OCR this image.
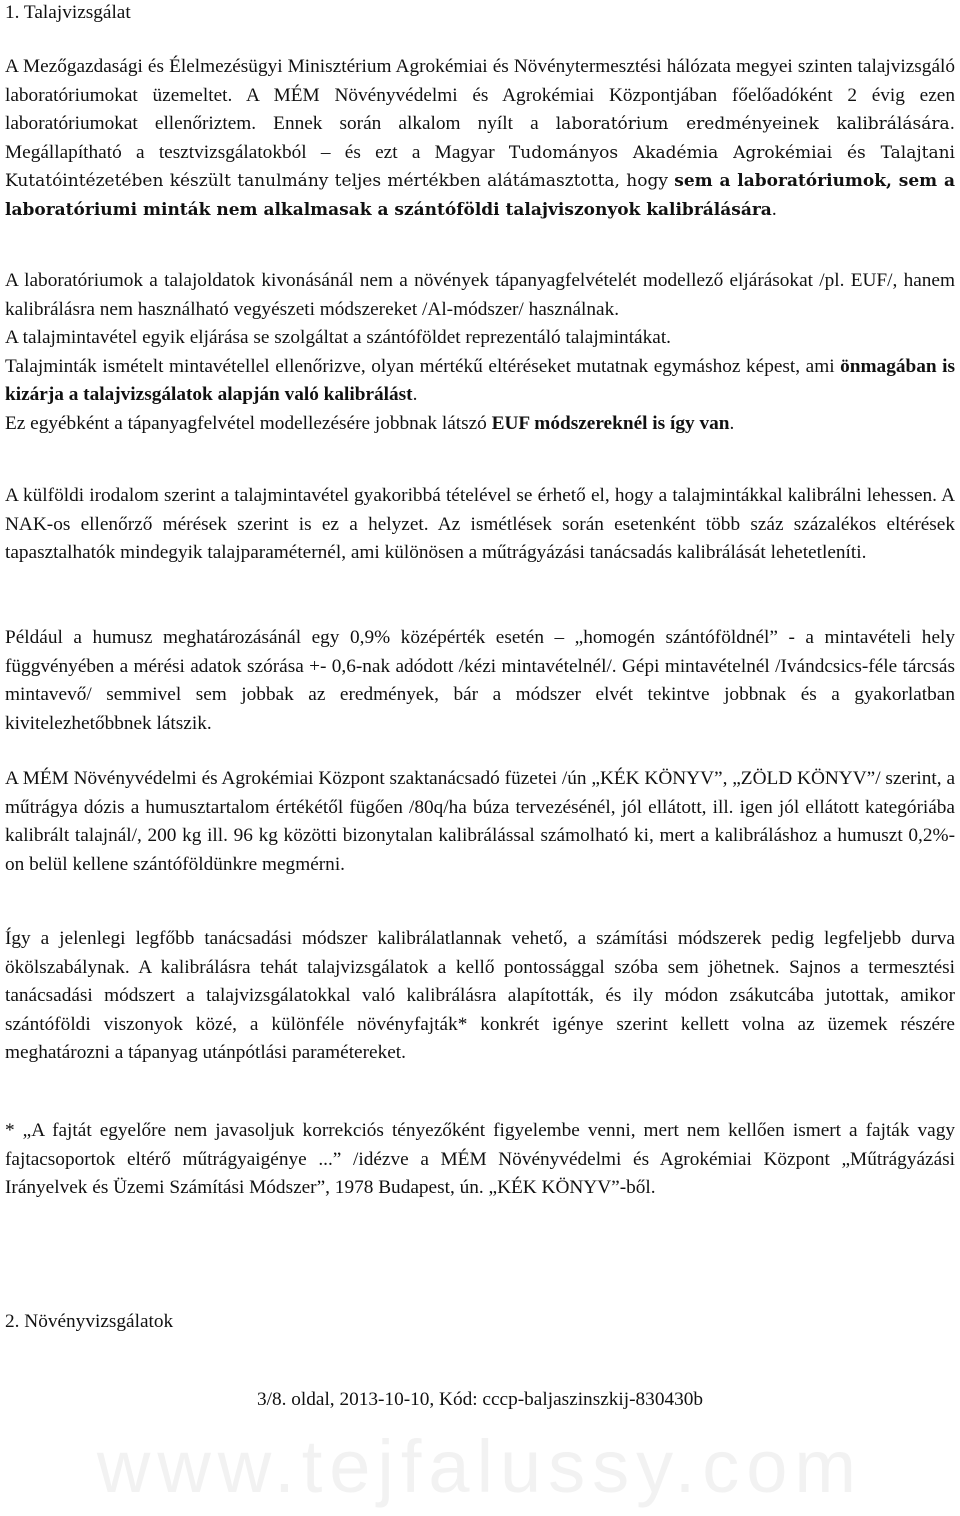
1. Talajvizsgálat

A Mezőgazdasági és Élelmezésügyi Minisztérium Agrokémiai és Növénytermesztési hálózata megyei szinten talajvizsgáló laboratóriumokat üzemeltet. A MÉM Növényvédelmi és Agrokémiai Központjában főelőadóként 2 évig ezen laboratóriumokat ellenőriztem. Ennek során alkalom nyílt a laboratórium eredményeinek kalibrálására. Megállapítható a tesztvizsgálatokból – és ezt a Magyar Tudományos Akadémia Agrokémiai és Talajtani Kutatóintézetében készült tanulmány teljes mértékben alátámasztotta, hogy sem a laboratóriumok, sem a laboratóriumi minták nem alkalmasak a szántóföldi talajviszonyok kalibrálására.

A laboratóriumok a talajoldatok kivonásánál nem a növények tápanyagfelvételét modellező eljárásokat /pl. EUF/, hanem kalibrálásra nem használható vegyészeti módszereket /Al-módszer/ használnak.

A talajmintavétel egyik eljárása se szolgáltat a szántóföldet reprezentáló talajmintákat.

Talajminták ismételt mintavétellel ellenőrizve, olyan mértékű eltéréseket mutatnak egymáshoz képest, ami önmagában is kizárja a talajvizsgálatok alapján való kalibrálást.

Ez egyébként a tápanyagfelvétel modellezésére jobbnak látszó EUF módszereknél is így van.

A külföldi irodalom szerint a talajmintavétel gyakoribbá tételével se érhető el, hogy a talajmintákkal kalibrálni lehessen. A NAK-os ellenőrző mérések szerint is ez a helyzet. Az ismétlések során esetenként több száz százalékos eltérések tapasztalhatók mindegyik talajparaméternél, ami különösen a műtrágyázási tanácsadás kalibrálását lehetetleníti.

Például a humusz meghatározásánál egy 0,9% középérték esetén – „homogén szántóföldnél” - a mintavételi hely függvényében a mérési adatok szórása +- 0,6-nak adódott /kézi mintavételnél/. Gépi mintavételnél /Ivándcsics-féle tárcsás mintavevő/ semmivel sem jobbak az eredmények, bár a módszer elvét tekintve jobbnak és a gyakorlatban kivitelezhetőbbnek látszik.

A MÉM Növényvédelmi és Agrokémiai Központ szaktanácsadó füzetei /ún „KÉK KÖNYV”, „ZÖLD KÖNYV”/ szerint, a műtrágya dózis a humusztartalom értékétől fügően /80q/ha búza tervezésénél, jól ellátott, ill. igen jól ellátott kategóriába kalibrált talajnál/, 200 kg ill. 96 kg közötti bizonytalan kalibrálással számolható ki, mert a kalibráláshoz a humuszt 0,2%-on belül kellene szántóföldünkre megmérni.

Így a jelenlegi legfőbb tanácsadási módszer kalibrálatlannak vehető, a számítási módszerek pedig legfeljebb durva ökölszabálynak. A kalibrálásra tehát talajvizsgálatok a kellő pontossággal szóba sem jöhetnek. Sajnos a termesztési tanácsadási módszert a talajvizsgálatokkal való kalibrálásra alapították, és ily módon zsákutcába jutottak, amikor szántóföldi viszonyok közé, a különféle növényfajták* konkrét igénye szerint kellett volna az üzemek részére meghatározni a tápanyag utánpótlási paramétereket.

* „A fajtát egyelőre nem javasoljuk korrekciós tényezőként figyelembe venni, mert nem kellően ismert a fajták vagy fajtacsoportok eltérő műtrágyaigénye ...” /idézve a MÉM Növényvédelmi és Agrokémiai Központ „Műtrágyázási Irányelvek és Üzemi Számítási Módszer”, 1978 Budapest, ún. „KÉK KÖNYV”-ből.

2. Növényvizsgálatok
3/8. oldal, 2013-10-10, Kód: cccp-baljaszinszkij-830430b
www.tejfalussy.com
